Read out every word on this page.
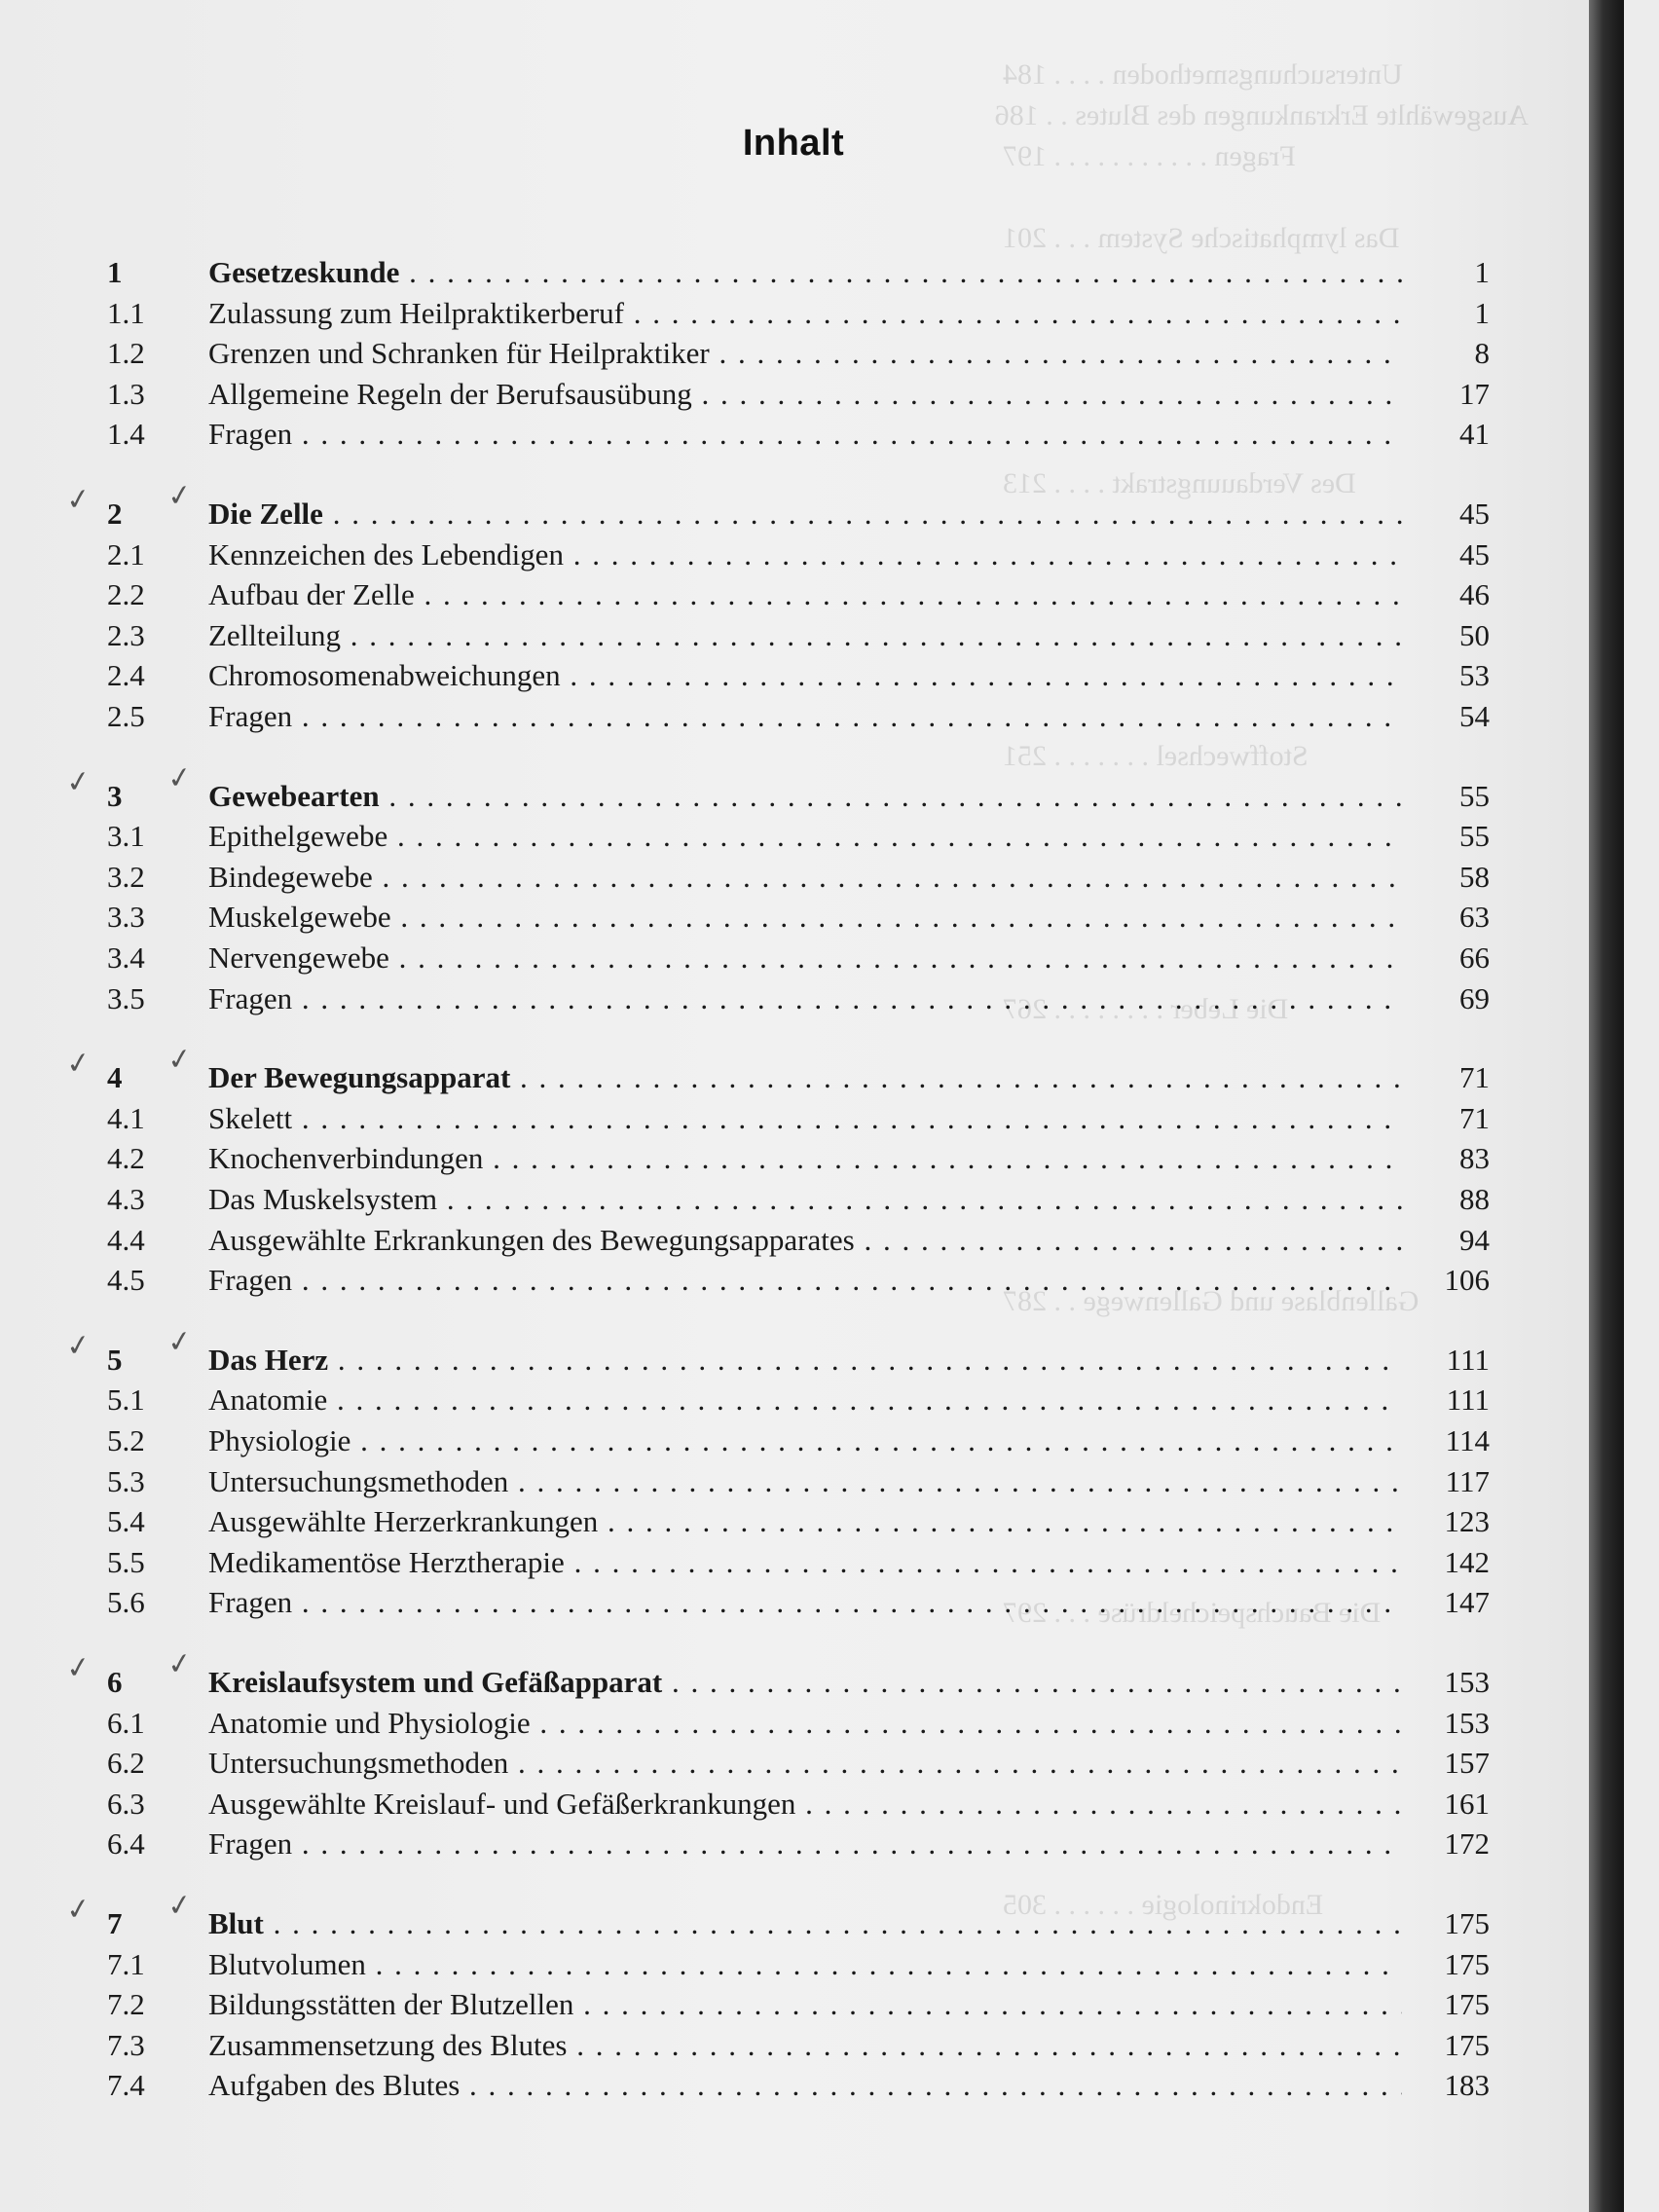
Untersuchungsmethoden . . . . 184
Ausgewählte Erkrankungen des Blutes . . 186
Fragen . . . . . . . . . . . 197
Das lymphatische System . . . 201
Des Verdauungstrakt . . . . 213
Stoffwechsel . . . . . . . 251
Die Leber . . . . . . . . 267
Gallenblase und Gallenwege . . 287
Die Bauchspeicheldrüse . . . 297
Endokrinologie . . . . . . 305
Inhalt
1	Gesetzeskunde . . .	1
1.1	Zulassung zum Heilpraktikerberuf . . .	1
1.2	Grenzen und Schranken für Heilpraktiker . . .	8
1.3	Allgemeine Regeln der Berufsausübung . . .	17
1.4	Fragen . . .	41
2	Die Zelle . . .	45
✓ ✓
2.1	Kennzeichen des Lebendigen . . .	45
2.2	Aufbau der Zelle . . .	46
2.3	Zellteilung . . .	50
2.4	Chromosomenabweichungen . . .	53
2.5	Fragen . . .	54
3	Gewebearten . . .	55
✓ ✓
3.1	Epithelgewebe . . .	55
3.2	Bindegewebe . . .	58
3.3	Muskelgewebe . . .	63
3.4	Nervengewebe . . .	66
3.5	Fragen . . .	69
4	Der Bewegungsapparat . . .	71
✓ ✓
4.1	Skelett . . .	71
4.2	Knochenverbindungen . . .	83
4.3	Das Muskelsystem . . .	88
4.4	Ausgewählte Erkrankungen des Bewegungsapparates . . .	94
4.5	Fragen . . .	106
5	Das Herz . . .	111
✓ ✓
5.1	Anatomie . . .	111
5.2	Physiologie . . .	114
5.3	Untersuchungsmethoden . . .	117
5.4	Ausgewählte Herzerkrankungen . . .	123
5.5	Medikamentöse Herztherapie . . .	142
5.6	Fragen . . .	147
6	Kreislaufsystem und Gefäßapparat . . .	153
✓ ✓
6.1	Anatomie und Physiologie . . .	153
6.2	Untersuchungsmethoden . . .	157
6.3	Ausgewählte Kreislauf- und Gefäßerkrankungen . . .	161
6.4	Fragen . . .	172
7	Blut . . .	175
✓ ✓
7.1	Blutvolumen . . .	175
7.2	Bildungsstätten der Blutzellen . . .	175
7.3	Zusammensetzung des Blutes . . .	175
7.4	Aufgaben des Blutes . . .	183
